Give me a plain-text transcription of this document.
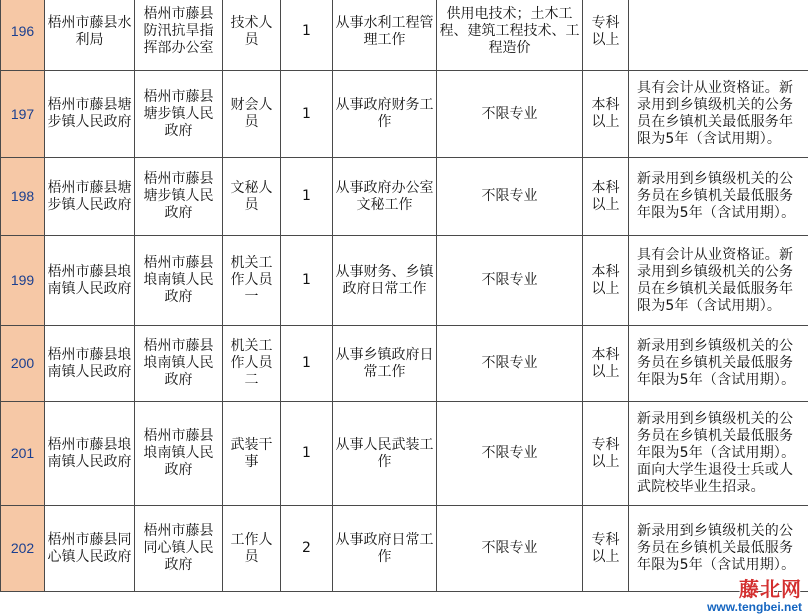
196	梧州市藤县水利局	梧州市藤县防汛抗旱指挥部办公室	技术人员	1	从事水利工程管理工作	供用电技术；土木工程、建筑工程技术、工程造价	专科以上	
197	梧州市藤县塘步镇人民政府	梧州市藤县塘步镇人民政府	财会人员	1	从事政府财务工作	不限专业	本科以上	具有会计从业资格证。新录用到乡镇级机关的公务员在乡镇机关最低服务年限为5年（含试用期）。
198	梧州市藤县塘步镇人民政府	梧州市藤县塘步镇人民政府	文秘人员	1	从事政府办公室文秘工作	不限专业	本科以上	新录用到乡镇级机关的公务员在乡镇机关最低服务年限为5年（含试用期）。
199	梧州市藤县埌南镇人民政府	梧州市藤县埌南镇人民政府	机关工作人员一	1	从事财务、乡镇政府日常工作	不限专业	本科以上	具有会计从业资格证。新录用到乡镇级机关的公务员在乡镇机关最低服务年限为5年（含试用期）。
200	梧州市藤县埌南镇人民政府	梧州市藤县埌南镇人民政府	机关工作人员二	1	从事乡镇政府日常工作	不限专业	本科以上	新录用到乡镇级机关的公务员在乡镇机关最低服务年限为5年（含试用期）。
201	梧州市藤县埌南镇人民政府	梧州市藤县埌南镇人民政府	武装干事	1	从事人民武装工作	不限专业	专科以上	新录用到乡镇级机关的公务员在乡镇机关最低服务年限为5年（含试用期）。面向大学生退役士兵或人武院校毕业生招录。
202	梧州市藤县同心镇人民政府	梧州市藤县同心镇人民政府	工作人员	2	从事政府日常工作	不限专业	专科以上	新录用到乡镇级机关的公务员在乡镇机关最低服务年限为5年（含试用期）。
藤北网
www.tengbei.net
